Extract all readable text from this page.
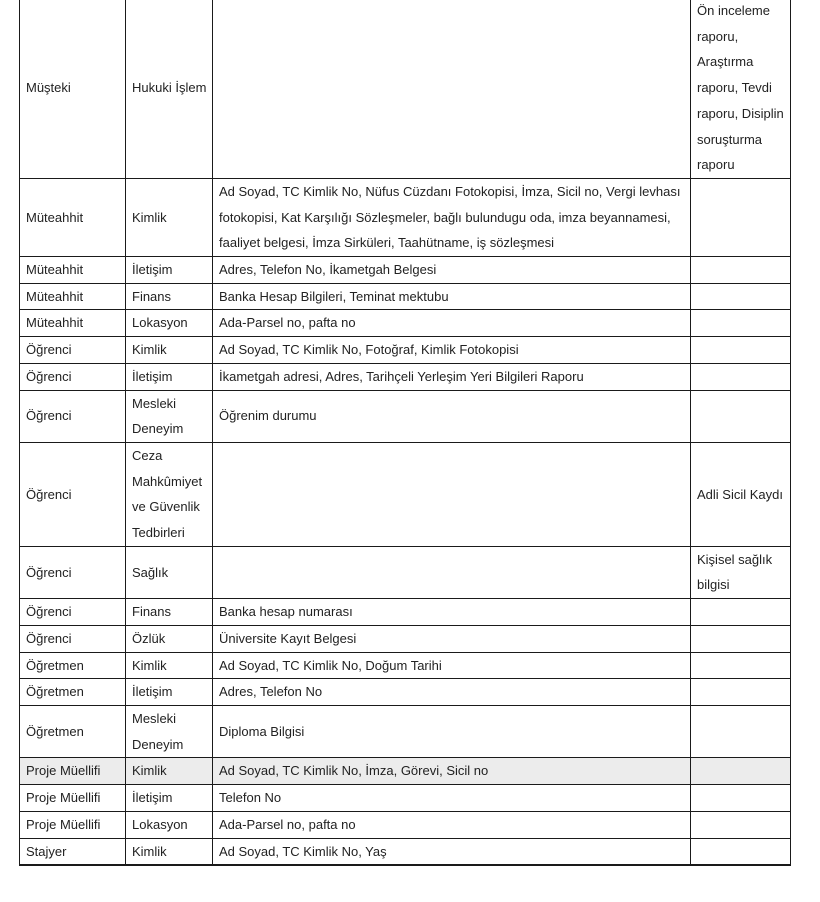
Müşteki	Hukuki İşlem		Ön inceleme raporu, Araştırma raporu, Tevdi raporu, Disiplin soruşturma raporu

Müteahhit	Kimlik	Ad Soyad, TC Kimlik No, Nüfus Cüzdanı Fotokopisi, İmza, Sicil no, Vergi levhası fotokopisi, Kat Karşılığı Sözleşmeler, bağlı bulundugu oda, imza beyannamesi, faaliyet belgesi, İmza Sirküleri, Taahütname, iş sözleşmesi	

Müteahhit	İletişim	Adres, Telefon No, İkametgah Belgesi	

Müteahhit	Finans	Banka Hesap Bilgileri, Teminat mektubu	

Müteahhit	Lokasyon	Ada-Parsel no, pafta no	

Öğrenci	Kimlik	Ad Soyad, TC Kimlik No, Fotoğraf, Kimlik Fotokopisi	

Öğrenci	İletişim	İkametgah adresi, Adres, Tarihçeli Yerleşim Yeri Bilgileri Raporu	

Öğrenci	Mesleki Deneyim	Öğrenim durumu	

Öğrenci	Ceza Mahkûmiyet ve Güvenlik Tedbirleri		Adli Sicil Kaydı

Öğrenci	Sağlık		Kişisel sağlık bilgisi

Öğrenci	Finans	Banka hesap numarası	

Öğrenci	Özlük	Üniversite Kayıt Belgesi	

Öğretmen	Kimlik	Ad Soyad, TC Kimlik No, Doğum Tarihi	

Öğretmen	İletişim	Adres, Telefon No	

Öğretmen	Mesleki Deneyim	Diploma Bilgisi	

Proje Müellifi	Kimlik	Ad Soyad, TC Kimlik No, İmza, Görevi, Sicil no	

Proje Müellifi	İletişim	Telefon No	

Proje Müellifi	Lokasyon	Ada-Parsel no, pafta no	

Stajyer	Kimlik	Ad Soyad, TC Kimlik No, Yaş	
